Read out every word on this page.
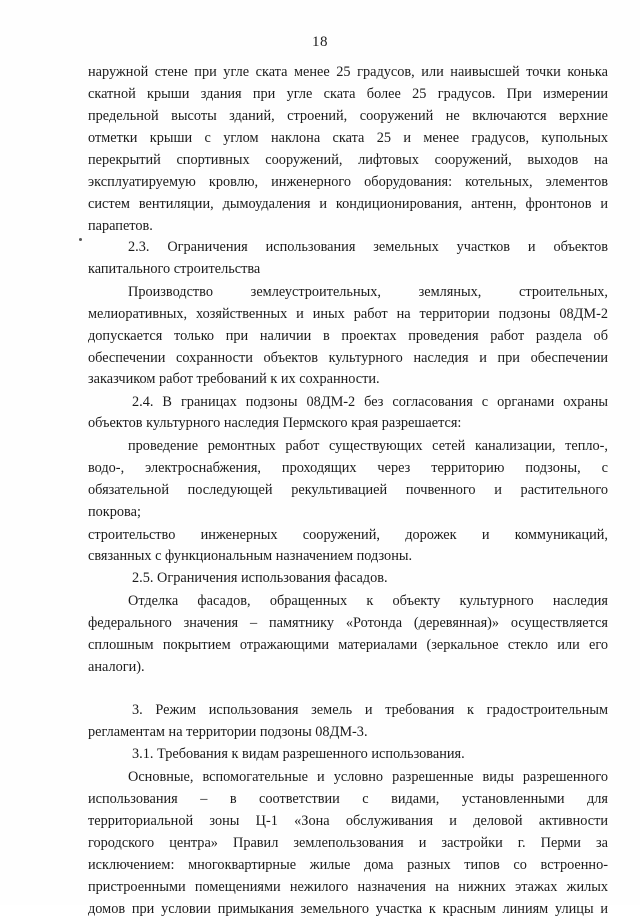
18
наружной стене при угле ската менее 25 градусов, или наивысшей точки конька
скатной крыши здания при угле ската более 25 градусов. При измерении
предельной высоты зданий, строений, сооружений не включаются верхние
отметки крыши с углом наклона ската 25 и менее градусов, купольных
перекрытий спортивных сооружений, лифтовых сооружений, выходов на
эксплуатируемую кровлю, инженерного оборудования: котельных, элементов
систем вентиляции, дымоудаления и кондиционирования, антенн, фронтонов и
парапетов.
2.3. Ограничения использования земельных участков и объектов
капитального строительства
Производство землеустроительных, земляных, строительных,
мелиоративных, хозяйственных и иных работ на территории подзоны 08ДМ-2
допускается только при наличии в проектах проведения работ раздела об
обеспечении сохранности объектов культурного наследия и при обеспечении
заказчиком работ требований к их сохранности.
2.4. В границах подзоны 08ДМ-2 без согласования с органами охраны
объектов культурного наследия Пермского края разрешается:
проведение ремонтных работ существующих сетей канализации, тепло-,
водо-, электроснабжения, проходящих через территорию подзоны, с
обязательной последующей рекультивацией почвенного и растительного
покрова;
строительство инженерных сооружений, дорожек и коммуникаций,
связанных с функциональным назначением подзоны.
2.5. Ограничения использования фасадов.
Отделка фасадов, обращенных к объекту культурного наследия
федерального значения – памятнику «Ротонда (деревянная)» осуществляется
сплошным покрытием отражающими материалами (зеркальное стекло или его
аналоги).
3. Режим использования земель и требования к градостроительным
регламентам на территории подзоны 08ДМ-3.
3.1. Требования к видам разрешенного использования.
Основные, вспомогательные и условно разрешенные виды разрешенного
использования – в соответствии с видами, установленными для
территориальной зоны Ц-1 «Зона обслуживания и деловой активности
городского центра» Правил землепользования и застройки г. Перми за
исключением: многоквартирные жилые дома разных типов со встроенно-
пристроенными помещениями нежилого назначения на нижних этажах жилых
домов при условии примыкания земельного участка к красным линиям улицы и
